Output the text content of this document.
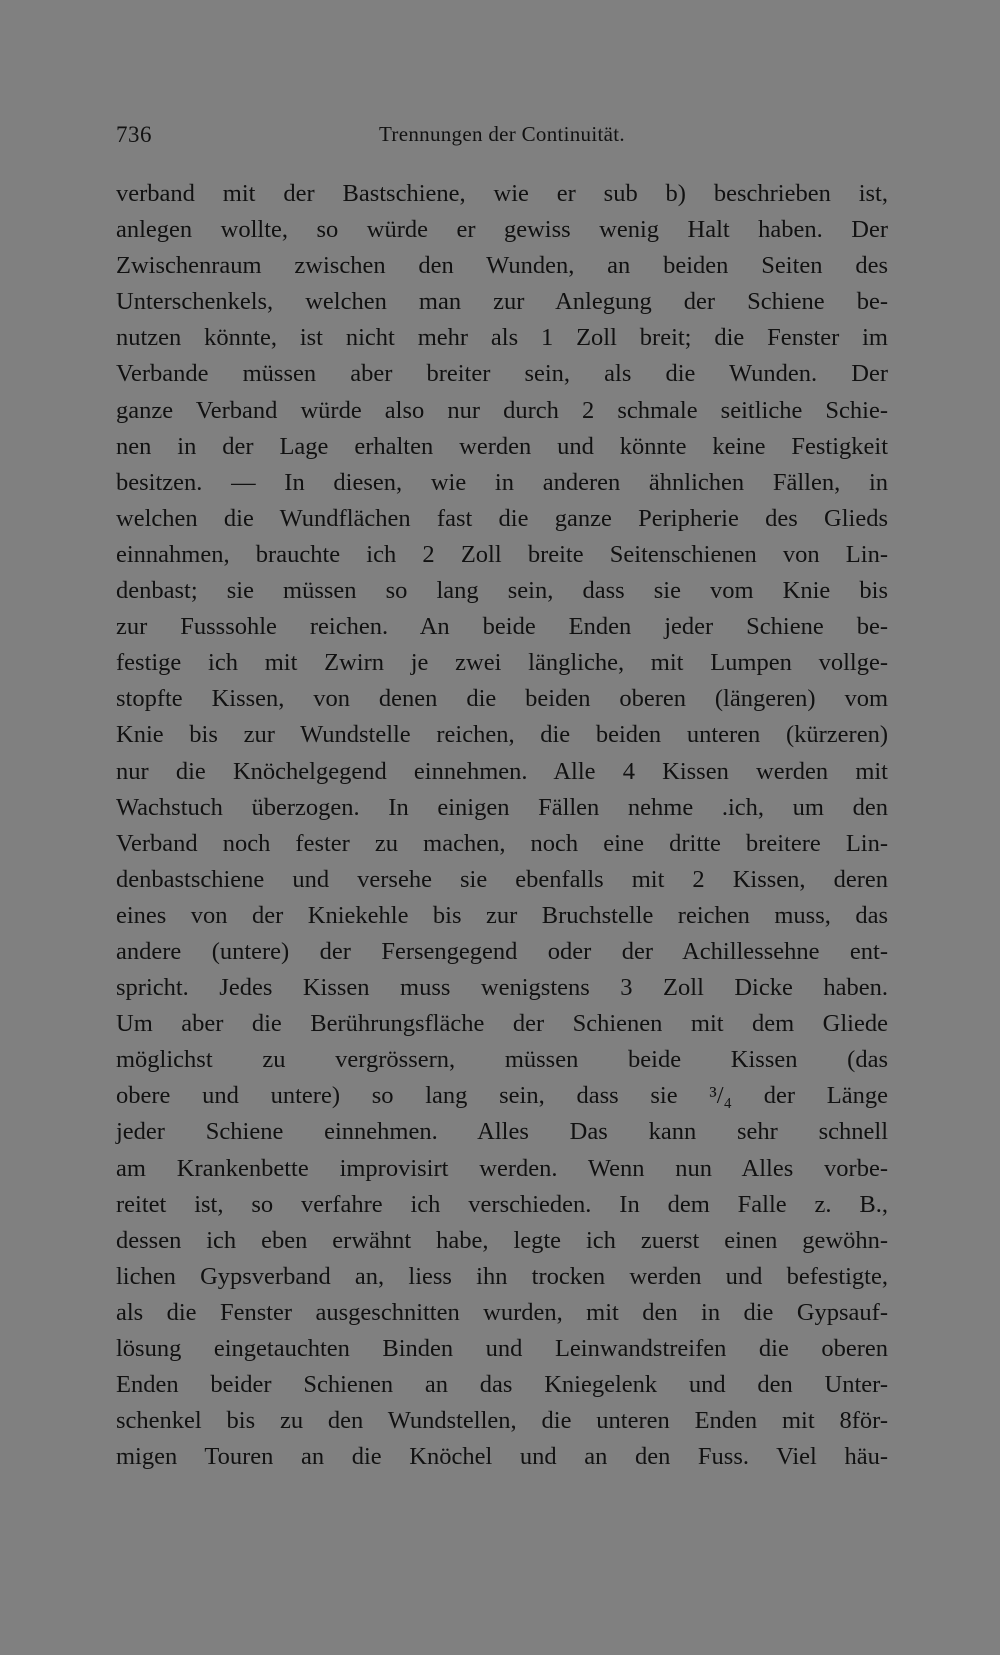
736	Trennungen der Continuität.
verband mit der Bastschiene, wie er sub b) beschrieben ist,
anlegen wollte, so würde er gewiss wenig Halt haben. Der
Zwischenraum zwischen den Wunden, an beiden Seiten des
Unterschenkels, welchen man zur Anlegung der Schiene be-
nutzen könnte, ist nicht mehr als 1 Zoll breit; die Fenster im
Verbande müssen aber breiter sein, als die Wunden. Der
ganze Verband würde also nur durch 2 schmale seitliche Schie-
nen in der Lage erhalten werden und könnte keine Festigkeit
besitzen. — In diesen, wie in anderen ähnlichen Fällen, in
welchen die Wundflächen fast die ganze Peripherie des Glieds
einnahmen, brauchte ich 2 Zoll breite Seitenschienen von Lin-
denbast; sie müssen so lang sein, dass sie vom Knie bis
zur Fusssohle reichen. An beide Enden jeder Schiene be-
festige ich mit Zwirn je zwei längliche, mit Lumpen vollge-
stopfte Kissen, von denen die beiden oberen (längeren) vom
Knie bis zur Wundstelle reichen, die beiden unteren (kürzeren)
nur die Knöchelgegend einnehmen. Alle 4 Kissen werden mit
Wachstuch überzogen. In einigen Fällen nehme .ich, um den
Verband noch fester zu machen, noch eine dritte breitere Lin-
denbastschiene und versehe sie ebenfalls mit 2 Kissen, deren
eines von der Kniekehle bis zur Bruchstelle reichen muss, das
andere (untere) der Fersengegend oder der Achillessehne ent-
spricht. Jedes Kissen muss wenigstens 3 Zoll Dicke haben.
Um aber die Berührungsfläche der Schienen mit dem Gliede
möglichst zu vergrössern, müssen beide Kissen (das
obere und untere) so lang sein, dass sie ³/₄ der Länge
jeder Schiene einnehmen. Alles Das kann sehr schnell
am Krankenbette improvisirt werden. Wenn nun Alles vorbe-
reitet ist, so verfahre ich verschieden. In dem Falle z. B.,
dessen ich eben erwähnt habe, legte ich zuerst einen gewöhn-
lichen Gypsverband an, liess ihn trocken werden und befestigte,
als die Fenster ausgeschnitten wurden, mit den in die Gypsauf-
lösung eingetauchten Binden und Leinwandstreifen die oberen
Enden beider Schienen an das Kniegelenk und den Unter-
schenkel bis zu den Wundstellen, die unteren Enden mit 8för-
migen Touren an die Knöchel und an den Fuss. Viel häu-
